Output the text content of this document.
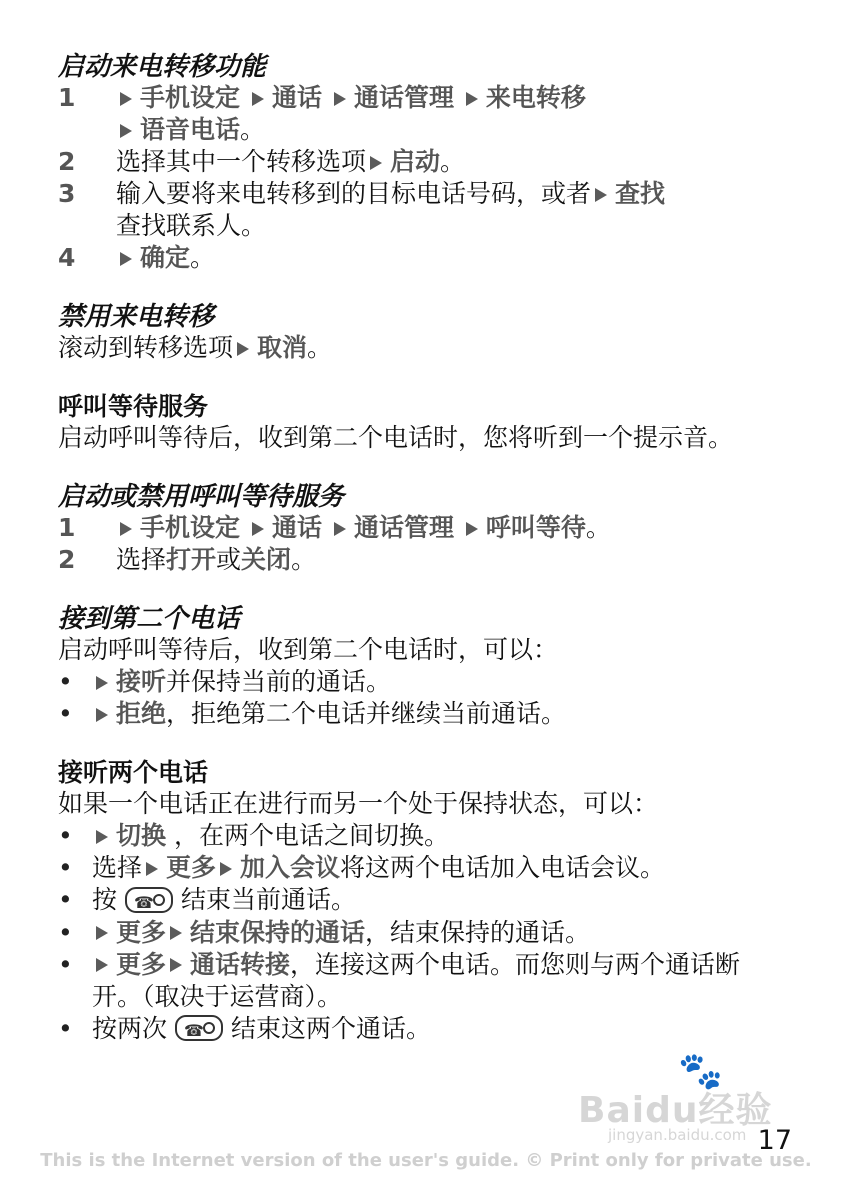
启动来电转移功能
1	手机设定 通话 通话管理 来电转移
语音电话。
2	选择其中一个转移选项 启动。
3	输入要将来电转移到的目标电话号码，或者 查找
查找联系人。
4	确定。
禁用来电转移

滚动到转移选项 取消。

呼叫等待服务

启动呼叫等待后，收到第二个电话时，您将听到一个提示音。

启动或禁用呼叫等待服务
1	手机设定 通话 通话管理 呼叫等待。
2	选择打开或关闭。
接到第二个电话

启动呼叫等待后，收到第二个电话时，可以：

•	接听并保持当前的通话。
•	拒绝，拒绝第二个电话并继续当前通话。
接听两个电话

如果一个电话正在进行而另一个处于保持状态，可以：

•	切换 ，在两个电话之间切换。
• 选择 更多 加入会议将这两个电话加入电话会议。
• 按 ☎	结束当前通话。
•	更多 结束保持的通话，结束保持的通话。
•	更多 通话转接，连接这两个电话。而您则与两个通话断开。（取决于运营商）。
• 按两次 ☎	结束这两个通话。
🐾
Baidu经验
jingyan.baidu.com 17
This is the Internet version of the user's guide. © Print only for private use.
